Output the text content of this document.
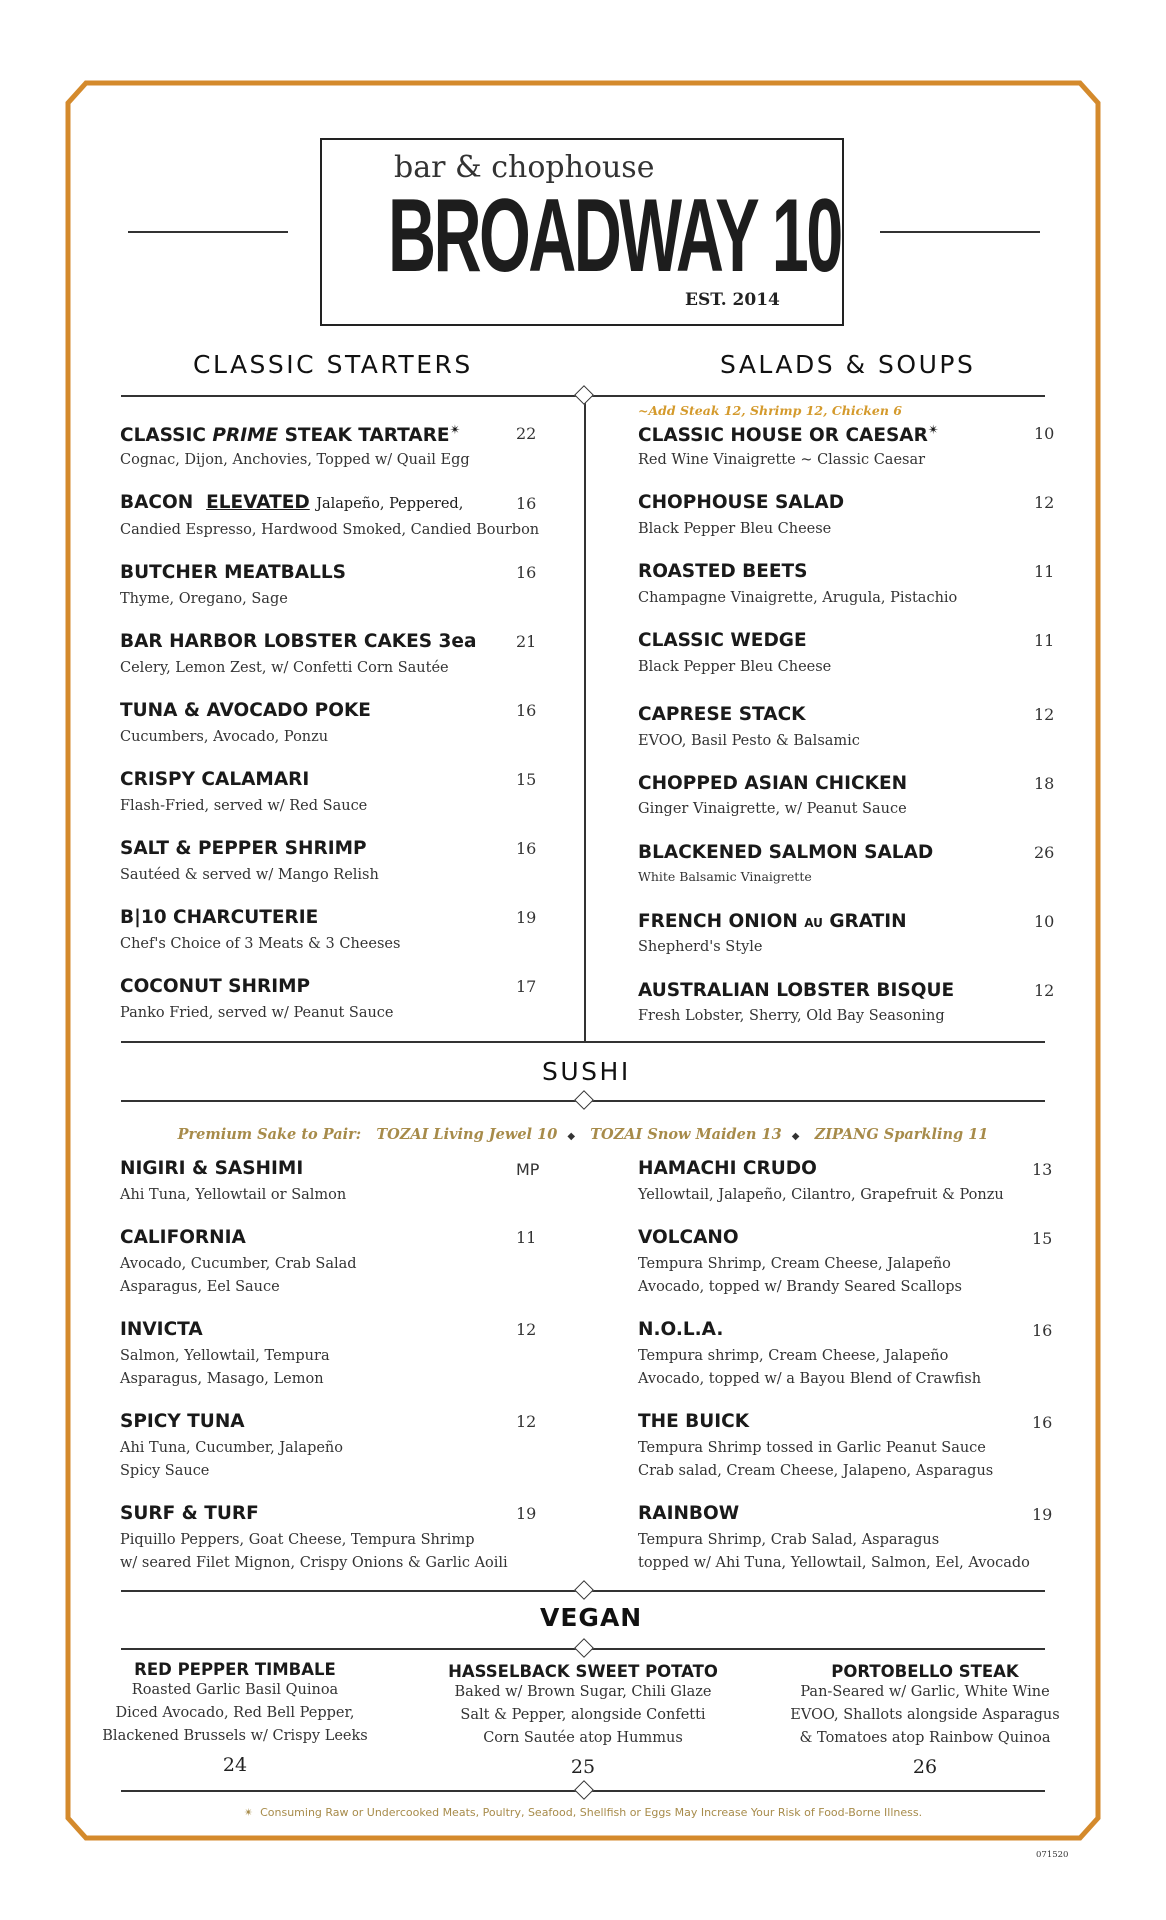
bar & chophouse
BROADWAY 10
EST. 2014
CLASSIC STARTERS	SALADS & SOUPS
CLASSIC PRIME STEAK TARTARE✴
Cognac, Dijon, Anchovies, Topped w/ Quail Egg
22
BACON ELEVATED Jalapeño, Peppered,
Candied Espresso, Hardwood Smoked, Candied Bourbon
16
BUTCHER MEATBALLS
Thyme, Oregano, Sage
16
BAR HARBOR LOBSTER CAKES 3ea
Celery, Lemon Zest, w/ Confetti Corn Sautée
21
TUNA & AVOCADO POKE
Cucumbers, Avocado, Ponzu
16
CRISPY CALAMARI
Flash-Fried, served w/ Red Sauce
15
SALT & PEPPER SHRIMP
Sautéed & served w/ Mango Relish
16
B|10 CHARCUTERIE
Chef's Choice of 3 Meats & 3 Cheeses
19
COCONUT SHRIMP
Panko Fried, served w/ Peanut Sauce
17
~Add Steak 12, Shrimp 12, Chicken 6
CLASSIC HOUSE OR CAESAR✴
Red Wine Vinaigrette ~ Classic Caesar
10
CHOPHOUSE SALAD
Black Pepper Bleu Cheese
12
ROASTED BEETS
Champagne Vinaigrette, Arugula, Pistachio
11
CLASSIC WEDGE
Black Pepper Bleu Cheese
11
CAPRESE STACK
EVOO, Basil Pesto & Balsamic
12
CHOPPED ASIAN CHICKEN
Ginger Vinaigrette, w/ Peanut Sauce
18
BLACKENED SALMON SALAD
White Balsamic Vinaigrette
26
FRENCH ONION AU GRATIN
Shepherd's Style
10
AUSTRALIAN LOBSTER BISQUE
Fresh Lobster, Sherry, Old Bay Seasoning
12
SUSHI
Premium Sake to Pair: TOZAI Living Jewel 10 ◆ TOZAI Snow Maiden 13 ◆ ZIPANG Sparkling 11
NIGIRI & SASHIMI
Ahi Tuna, Yellowtail or Salmon
MP
CALIFORNIA
Avocado, Cucumber, Crab Salad
Asparagus, Eel Sauce
11
INVICTA
Salmon, Yellowtail, Tempura
Asparagus, Masago, Lemon
12
SPICY TUNA
Ahi Tuna, Cucumber, Jalapeño
Spicy Sauce
12
SURF & TURF
Piquillo Peppers, Goat Cheese, Tempura Shrimp
w/ seared Filet Mignon, Crispy Onions & Garlic Aoili
19
HAMACHI CRUDO
Yellowtail, Jalapeño, Cilantro, Grapefruit & Ponzu
13
VOLCANO
Tempura Shrimp, Cream Cheese, Jalapeño
Avocado, topped w/ Brandy Seared Scallops
15
N.O.L.A.
Tempura shrimp, Cream Cheese, Jalapeño
Avocado, topped w/ a Bayou Blend of Crawfish
16
THE BUICK
Tempura Shrimp tossed in Garlic Peanut Sauce
Crab salad, Cream Cheese, Jalapeno, Asparagus
16
RAINBOW
Tempura Shrimp, Crab Salad, Asparagus
topped w/ Ahi Tuna, Yellowtail, Salmon, Eel, Avocado
19
VEGAN
RED PEPPER TIMBALE
Roasted Garlic Basil Quinoa
Diced Avocado, Red Bell Pepper,
Blackened Brussels w/ Crispy Leeks
24
HASSELBACK SWEET POTATO
Baked w/ Brown Sugar, Chili Glaze
Salt & Pepper, alongside Confetti
Corn Sautée atop Hummus
25
PORTOBELLO STEAK
Pan-Seared w/ Garlic, White Wine
EVOO, Shallots alongside Asparagus
& Tomatoes atop Rainbow Quinoa
26
✴ Consuming Raw or Undercooked Meats, Poultry, Seafood, Shellfish or Eggs May Increase Your Risk of Food-Borne Illness.
071520
